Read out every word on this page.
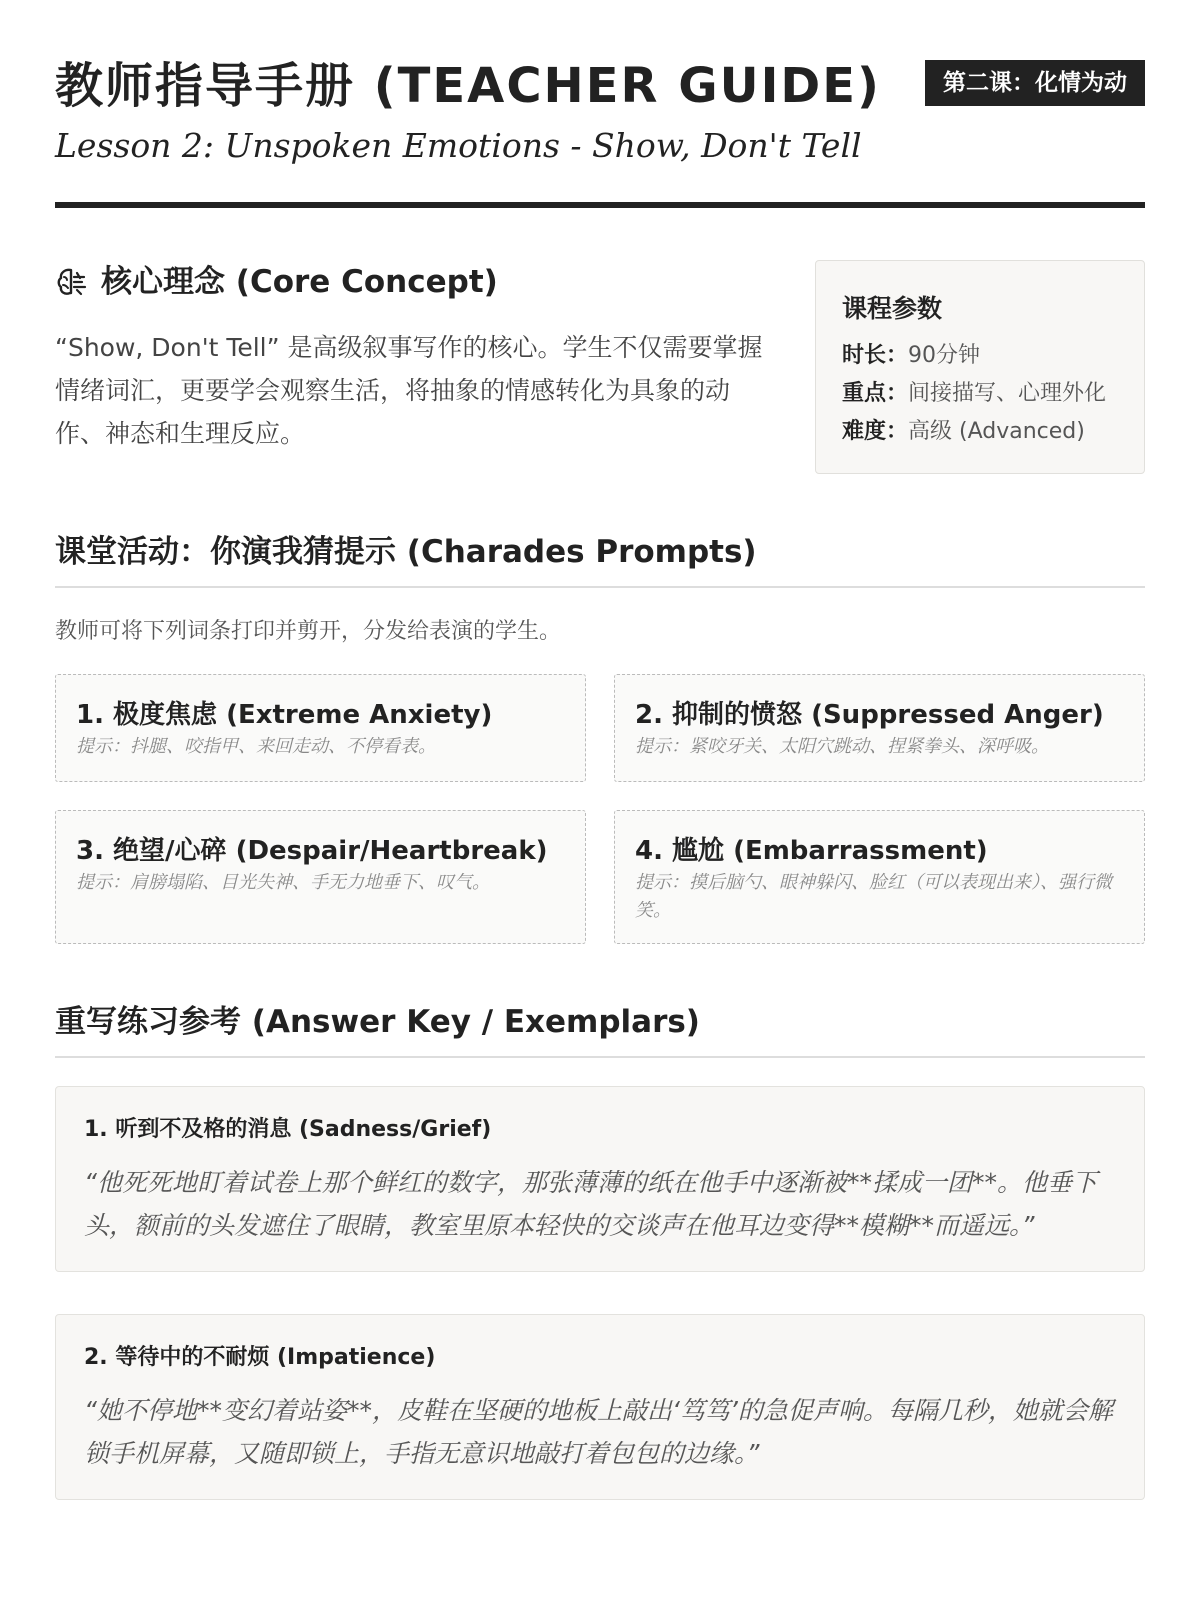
教师指导手册 (TEACHER GUIDE)	第二课：化情为动

Lesson 2: Unspoken Emotions - Show, Don't Tell

核心理念 (Core Concept)

“Show, Don't Tell” 是高级叙事写作的核心。学生不仅需要掌握情绪词汇，更要学会观察生活，将抽象的情感转化为具象的动作、神态和生理反应。

课程参数
时长：90分钟
重点：间接描写、心理外化
难度：高级 (Advanced)
课堂活动：你演我猜提示 (Charades Prompts)

教师可将下列词条打印并剪开，分发给表演的学生。

1. 极度焦虑 (Extreme Anxiety)

提示：抖腿、咬指甲、来回走动、不停看表。

2. 抑制的愤怒 (Suppressed Anger)

提示：紧咬牙关、太阳穴跳动、捏紧拳头、深呼吸。

3. 绝望/心碎 (Despair/Heartbreak)

提示：肩膀塌陷、目光失神、手无力地垂下、叹气。

4. 尴尬 (Embarrassment)

提示：摸后脑勺、眼神躲闪、脸红（可以表现出来）、强行微笑。

重写练习参考 (Answer Key / Exemplars)
1. 听到不及格的消息 (Sadness/Grief)

“他死死地盯着试卷上那个鲜红的数字，那张薄薄的纸在他手中逐渐被**揉成一团**。他垂下头，额前的头发遮住了眼睛，教室里原本轻快的交谈声在他耳边变得**模糊**而遥远。”

2. 等待中的不耐烦 (Impatience)

“她不停地**变幻着站姿**，皮鞋在坚硬的地板上敲出‘笃笃’的急促声响。每隔几秒，她就会解锁手机屏幕，又随即锁上，手指无意识地敲打着包包的边缘。”
